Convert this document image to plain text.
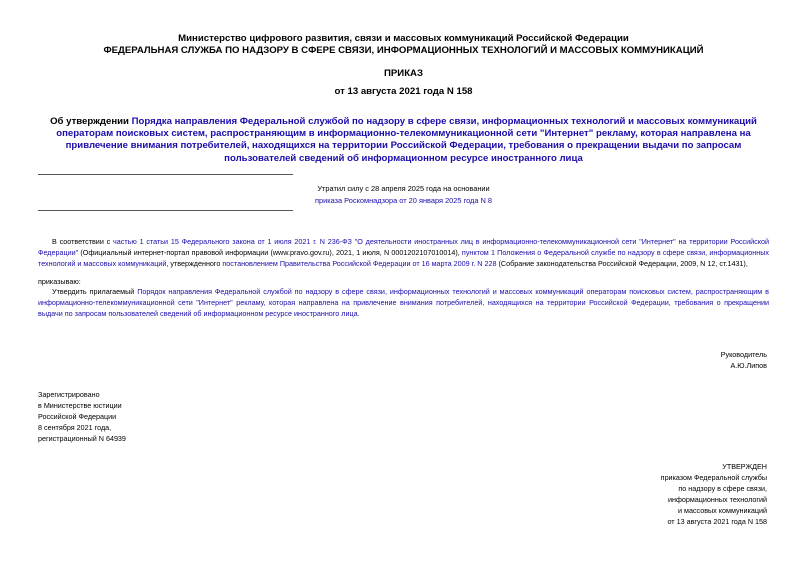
Министерство цифрового развития, связи и массовых коммуникаций Российской Федерации
ФЕДЕРАЛЬНАЯ СЛУЖБА ПО НАДЗОРУ В СФЕРЕ СВЯЗИ, ИНФОРМАЦИОННЫХ ТЕХНОЛОГИЙ И МАССОВЫХ КОММУНИКАЦИЙ
ПРИКАЗ
от 13 августа 2021 года N 158
Об утверждении Порядка направления Федеральной службой по надзору в сфере связи, информационных технологий и массовых коммуникаций операторам поисковых систем, распространяющим в информационно-телекоммуникационной сети "Интернет" рекламу, которая направлена на привлечение внимания потребителей, находящихся на территории Российской Федерации, требования о прекращении выдачи по запросам пользователей сведений об информационном ресурсе иностранного лица
Утратил силу с 28 апреля 2025 года на основании
приказа Роскомнадзора от 20 января 2025 года N 8
В соответствии с частью 1 статьи 15 Федерального закона от 1 июля 2021 г. N 236-ФЗ "О деятельности иностранных лиц в информационно-телекоммуникационной сети "Интернет" на территории Российской Федерации" (Официальный интернет-портал правовой информации (www.pravo.gov.ru), 2021, 1 июля, N 0001202107010014), пунктом 1 Положения о Федеральной службе по надзору в сфере связи, информационных технологий и массовых коммуникаций, утвержденного постановлением Правительства Российской Федерации от 16 марта 2009 г. N 228 (Собрание законодательства Российской Федерации, 2009, N 12, ст.1431),
приказываю:
Утвердить прилагаемый Порядок направления Федеральной службой по надзору в сфере связи, информационных технологий и массовых коммуникаций операторам поисковых систем, распространяющим в информационно-телекоммуникационной сети "Интернет" рекламу, которая направлена на привлечение внимания потребителей, находящихся на территории Российской Федерации, требования о прекращении выдачи по запросам пользователей сведений об информационном ресурсе иностранного лица.
Руководитель
А.Ю.Липов
Зарегистрировано
в Министерстве юстиции
Российской Федерации
8 сентября 2021 года,
регистрационный N 64939
УТВЕРЖДЕН
приказом Федеральной службы
по надзору в сфере связи,
информационных технологий
и массовых коммуникаций
от 13 августа 2021 года N 158
